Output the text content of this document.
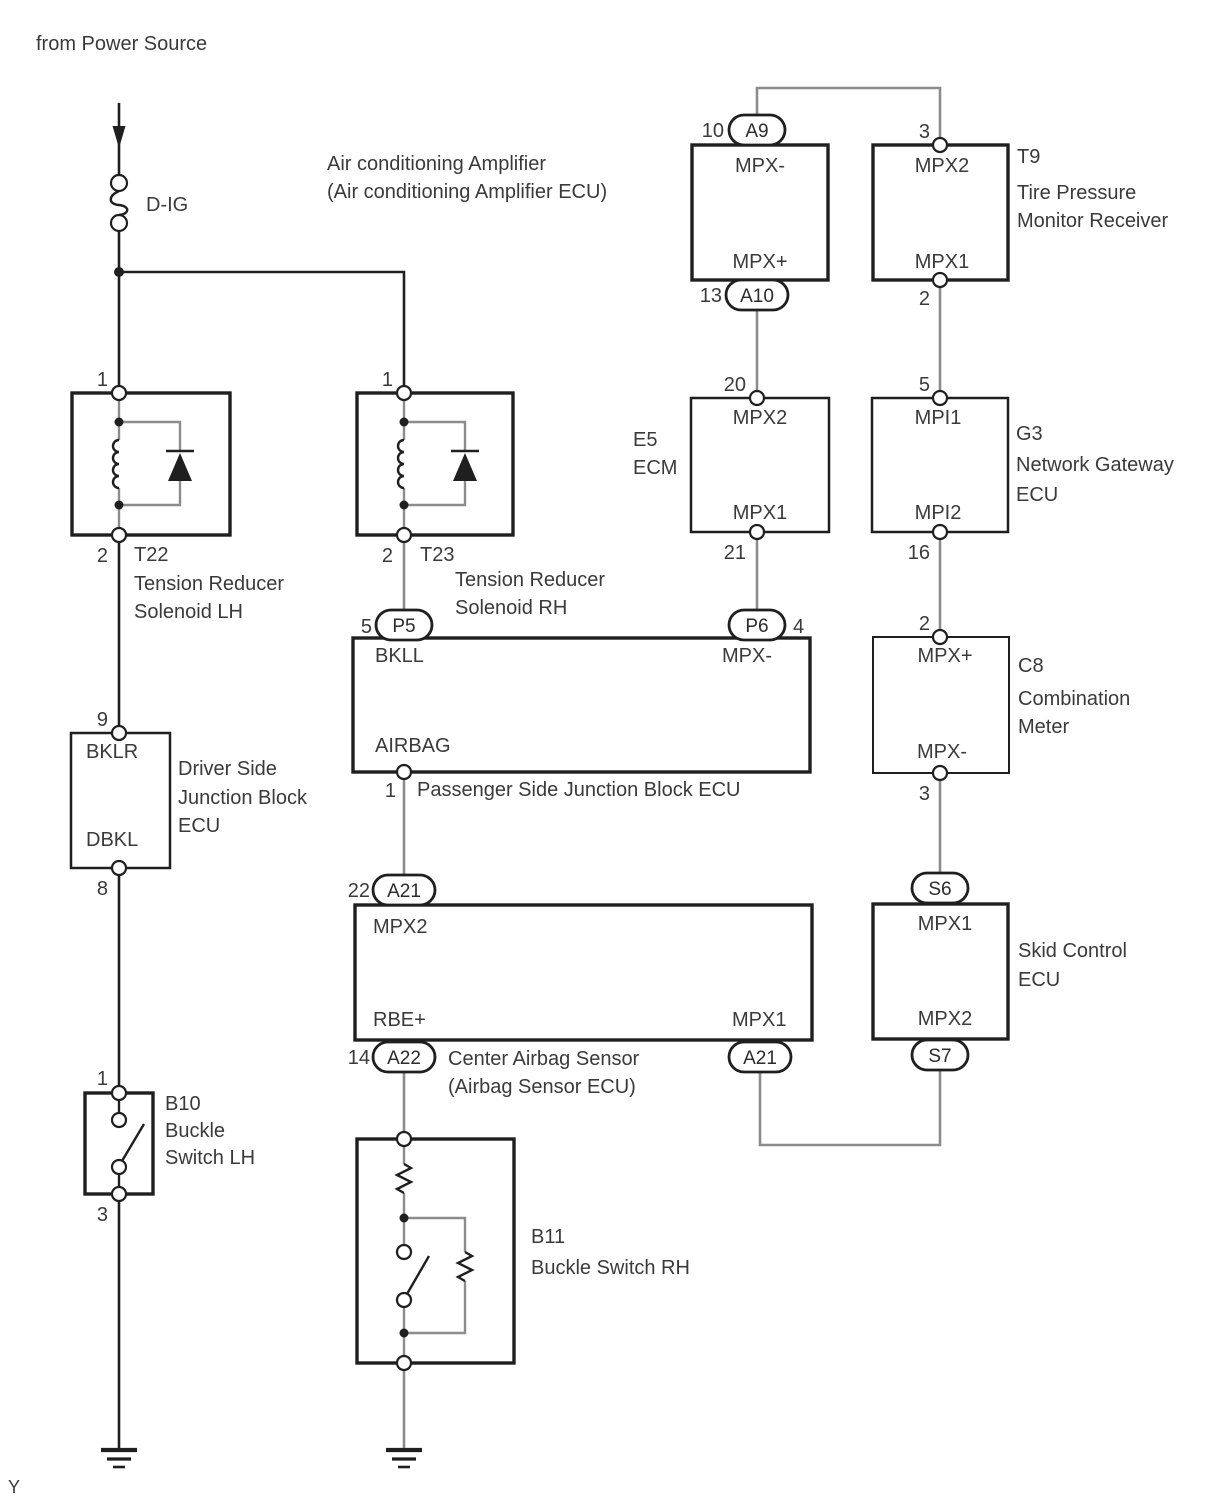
from Power Source
D-IG
Air conditioning Amplifier
(Air conditioning Amplifier ECU)
10 A9
MPX-
MPX+
13 A10
3
MPX2
MPX1
2
T9
Tire Pressure
Monitor Receiver
1
2 T22
Tension Reducer
Solenoid LH
1
2 T23
Tension Reducer
Solenoid RH
E5
ECM
20
MPX2
MPX1
21
5
MPI1
MPI2
16
G3
Network Gateway
ECU
5 P5
BKLL	MPX-
P6 4
AIRBAG
1 Passenger Side Junction Block ECU
2
MPX+
MPX-
3
C8
Combination
Meter
9
BKLR
DBKL
8
Driver Side
Junction Block
ECU
22 A21
MPX2
RBE+
14 A22
MPX1
A21
Center Airbag Sensor
(Airbag Sensor ECU)
S6
MPX1
MPX2
S7
Skid Control
ECU
1
3
B10
Buckle
Switch LH
B11
Buckle Switch RH
Y
